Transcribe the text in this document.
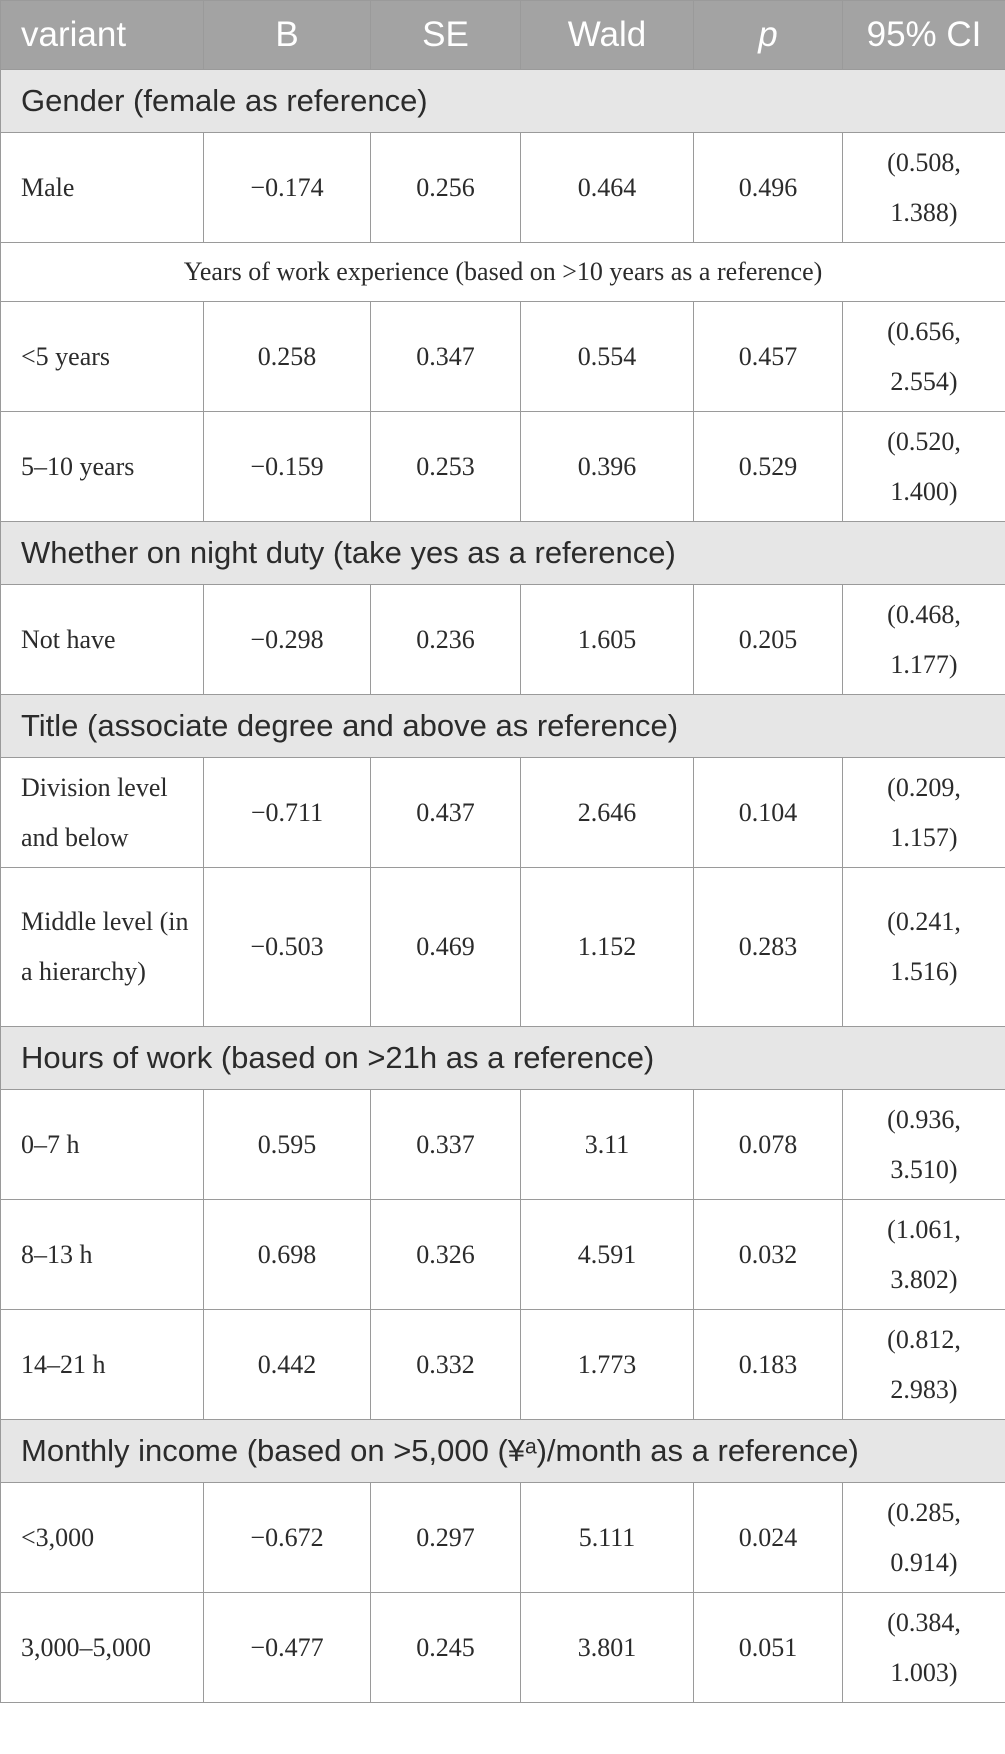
variant	B	SE	Wald	p	95% CI
Gender (female as reference)					
Male	−0.174	0.256	0.464	0.496	(0.508,
1.388)

Years of work experience (based on >10 years as a reference)					
<5 years	0.258	0.347	0.554	0.457	(0.656,
2.554)

5–10 years	−0.159	0.253	0.396	0.529	(0.520,
1.400)

Whether on night duty (take yes as a reference)					
Not have	−0.298	0.236	1.605	0.205	(0.468,
1.177)

Title (associate degree and above as reference)					
Division level and below	−0.711	0.437	2.646	0.104	(0.209,
1.157)

Middle level (in a hierarchy)	−0.503	0.469	1.152	0.283	(0.241,
1.516)

Hours of work (based on >21h as a reference)					
0–7 h	0.595	0.337	3.11	0.078	(0.936,
3.510)

8–13 h	0.698	0.326	4.591	0.032	(1.061,
3.802)

14–21 h	0.442	0.332	1.773	0.183	(0.812,
2.983)

Monthly income (based on >5,000 (¥ᵃ)/month as a reference)					
<3,000	−0.672	0.297	5.111	0.024	(0.285,
0.914)

3,000–5,000	−0.477	0.245	3.801	0.051	(0.384,
1.003)
